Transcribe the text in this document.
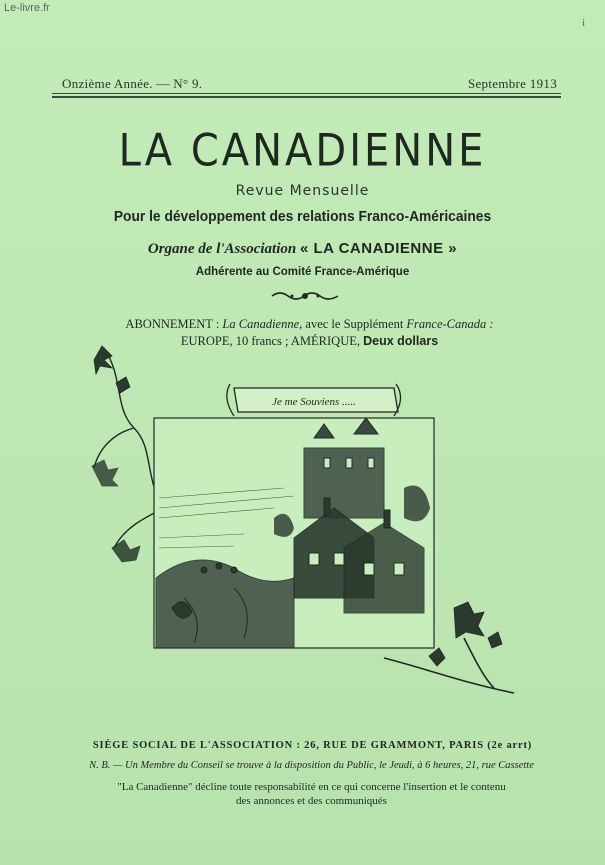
Le-livre.fr
i
Onzième Année. — N° 9.	Septembre 1913
LA CANADIENNE
Revue Mensuelle
Pour le développement des relations Franco-Américaines
Organe de l'Association « LA CANADIENNE »
Adhérente au Comité France-Amérique
ABONNEMENT : La Canadienne, avec le Supplément France-Canada :
EUROPE, 10 francs ; AMÉRIQUE, Deux dollars
Je me Souviens .....
SIÈGE SOCIAL DE L'ASSOCIATION : 26, RUE DE GRAMMONT, PARIS (2e arrt)
N. B. — Un Membre du Conseil se trouve à la disposition du Public, le Jeudi, à 6 heures, 21, rue Cassette
"La Canadienne" décline toute responsabilité en ce qui concerne l'insertion et le contenu
des annonces et des communiqués
